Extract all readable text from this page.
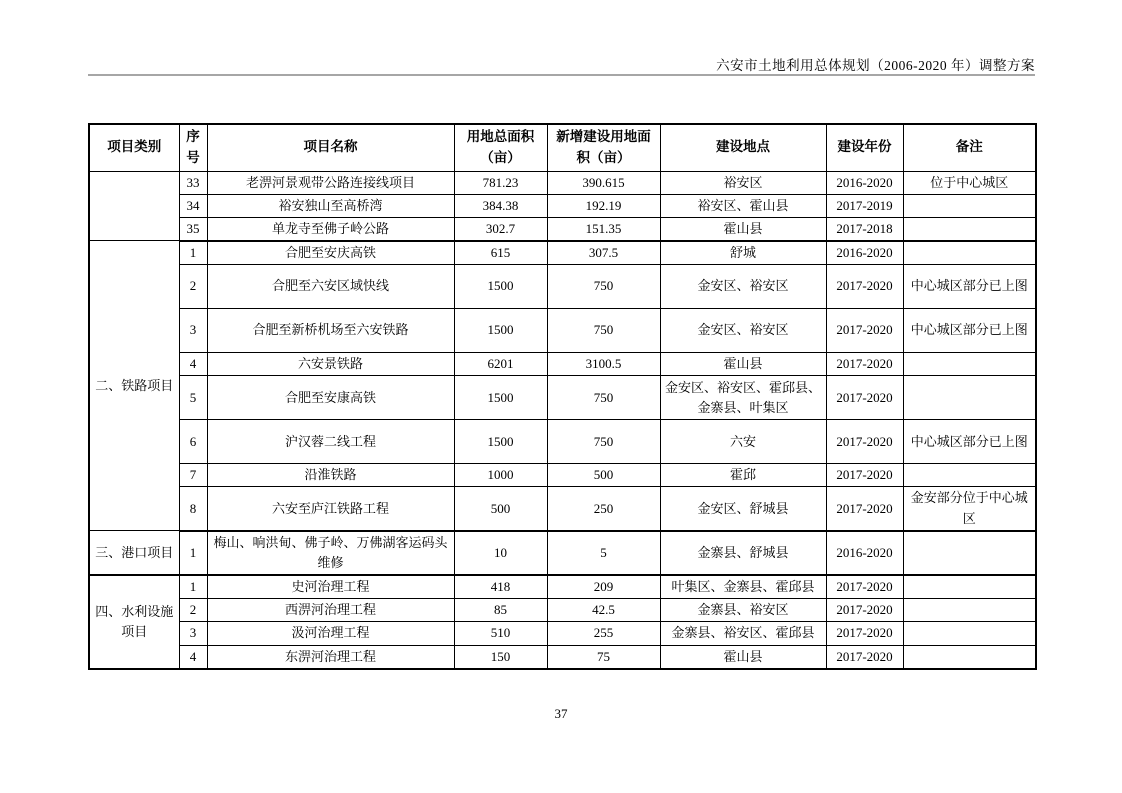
六安市土地利用总体规划（2006-2020 年）调整方案
项目类别	序号	项目名称	用地总面积（亩）	新增建设用地面积（亩）	建设地点	建设年份	备注
	33	老淠河景观带公路连接线项目	781.23	390.615	裕安区	2016-2020	位于中心城区
	34	裕安独山至高桥湾	384.38	192.19	裕安区、霍山县	2017-2019	
	35	单龙寺至佛子岭公路	302.7	151.35	霍山县	2017-2018	
二、铁路项目	1	合肥至安庆高铁	615	307.5	舒城	2016-2020	
	2	合肥至六安区域快线	1500	750	金安区、裕安区	2017-2020	中心城区部分已上图
	3	合肥至新桥机场至六安铁路	1500	750	金安区、裕安区	2017-2020	中心城区部分已上图
	4	六安景铁路	6201	3100.5	霍山县	2017-2020	
	5	合肥至安康高铁	1500	750	金安区、裕安区、霍邱县、金寨县、叶集区	2017-2020	
	6	沪汉蓉二线工程	1500	750	六安	2017-2020	中心城区部分已上图
	7	沿淮铁路	1000	500	霍邱	2017-2020	
	8	六安至庐江铁路工程	500	250	金安区、舒城县	2017-2020	金安部分位于中心城区
三、港口项目	1	梅山、响洪甸、佛子岭、万佛湖客运码头维修	10	5	金寨县、舒城县	2016-2020	
四、水利设施项目	1	史河治理工程	418	209	叶集区、金寨县、霍邱县	2017-2020	
	2	西淠河治理工程	85	42.5	金寨县、裕安区	2017-2020	
	3	汲河治理工程	510	255	金寨县、裕安区、霍邱县	2017-2020	
	4	东淠河治理工程	150	75	霍山县	2017-2020	
37
